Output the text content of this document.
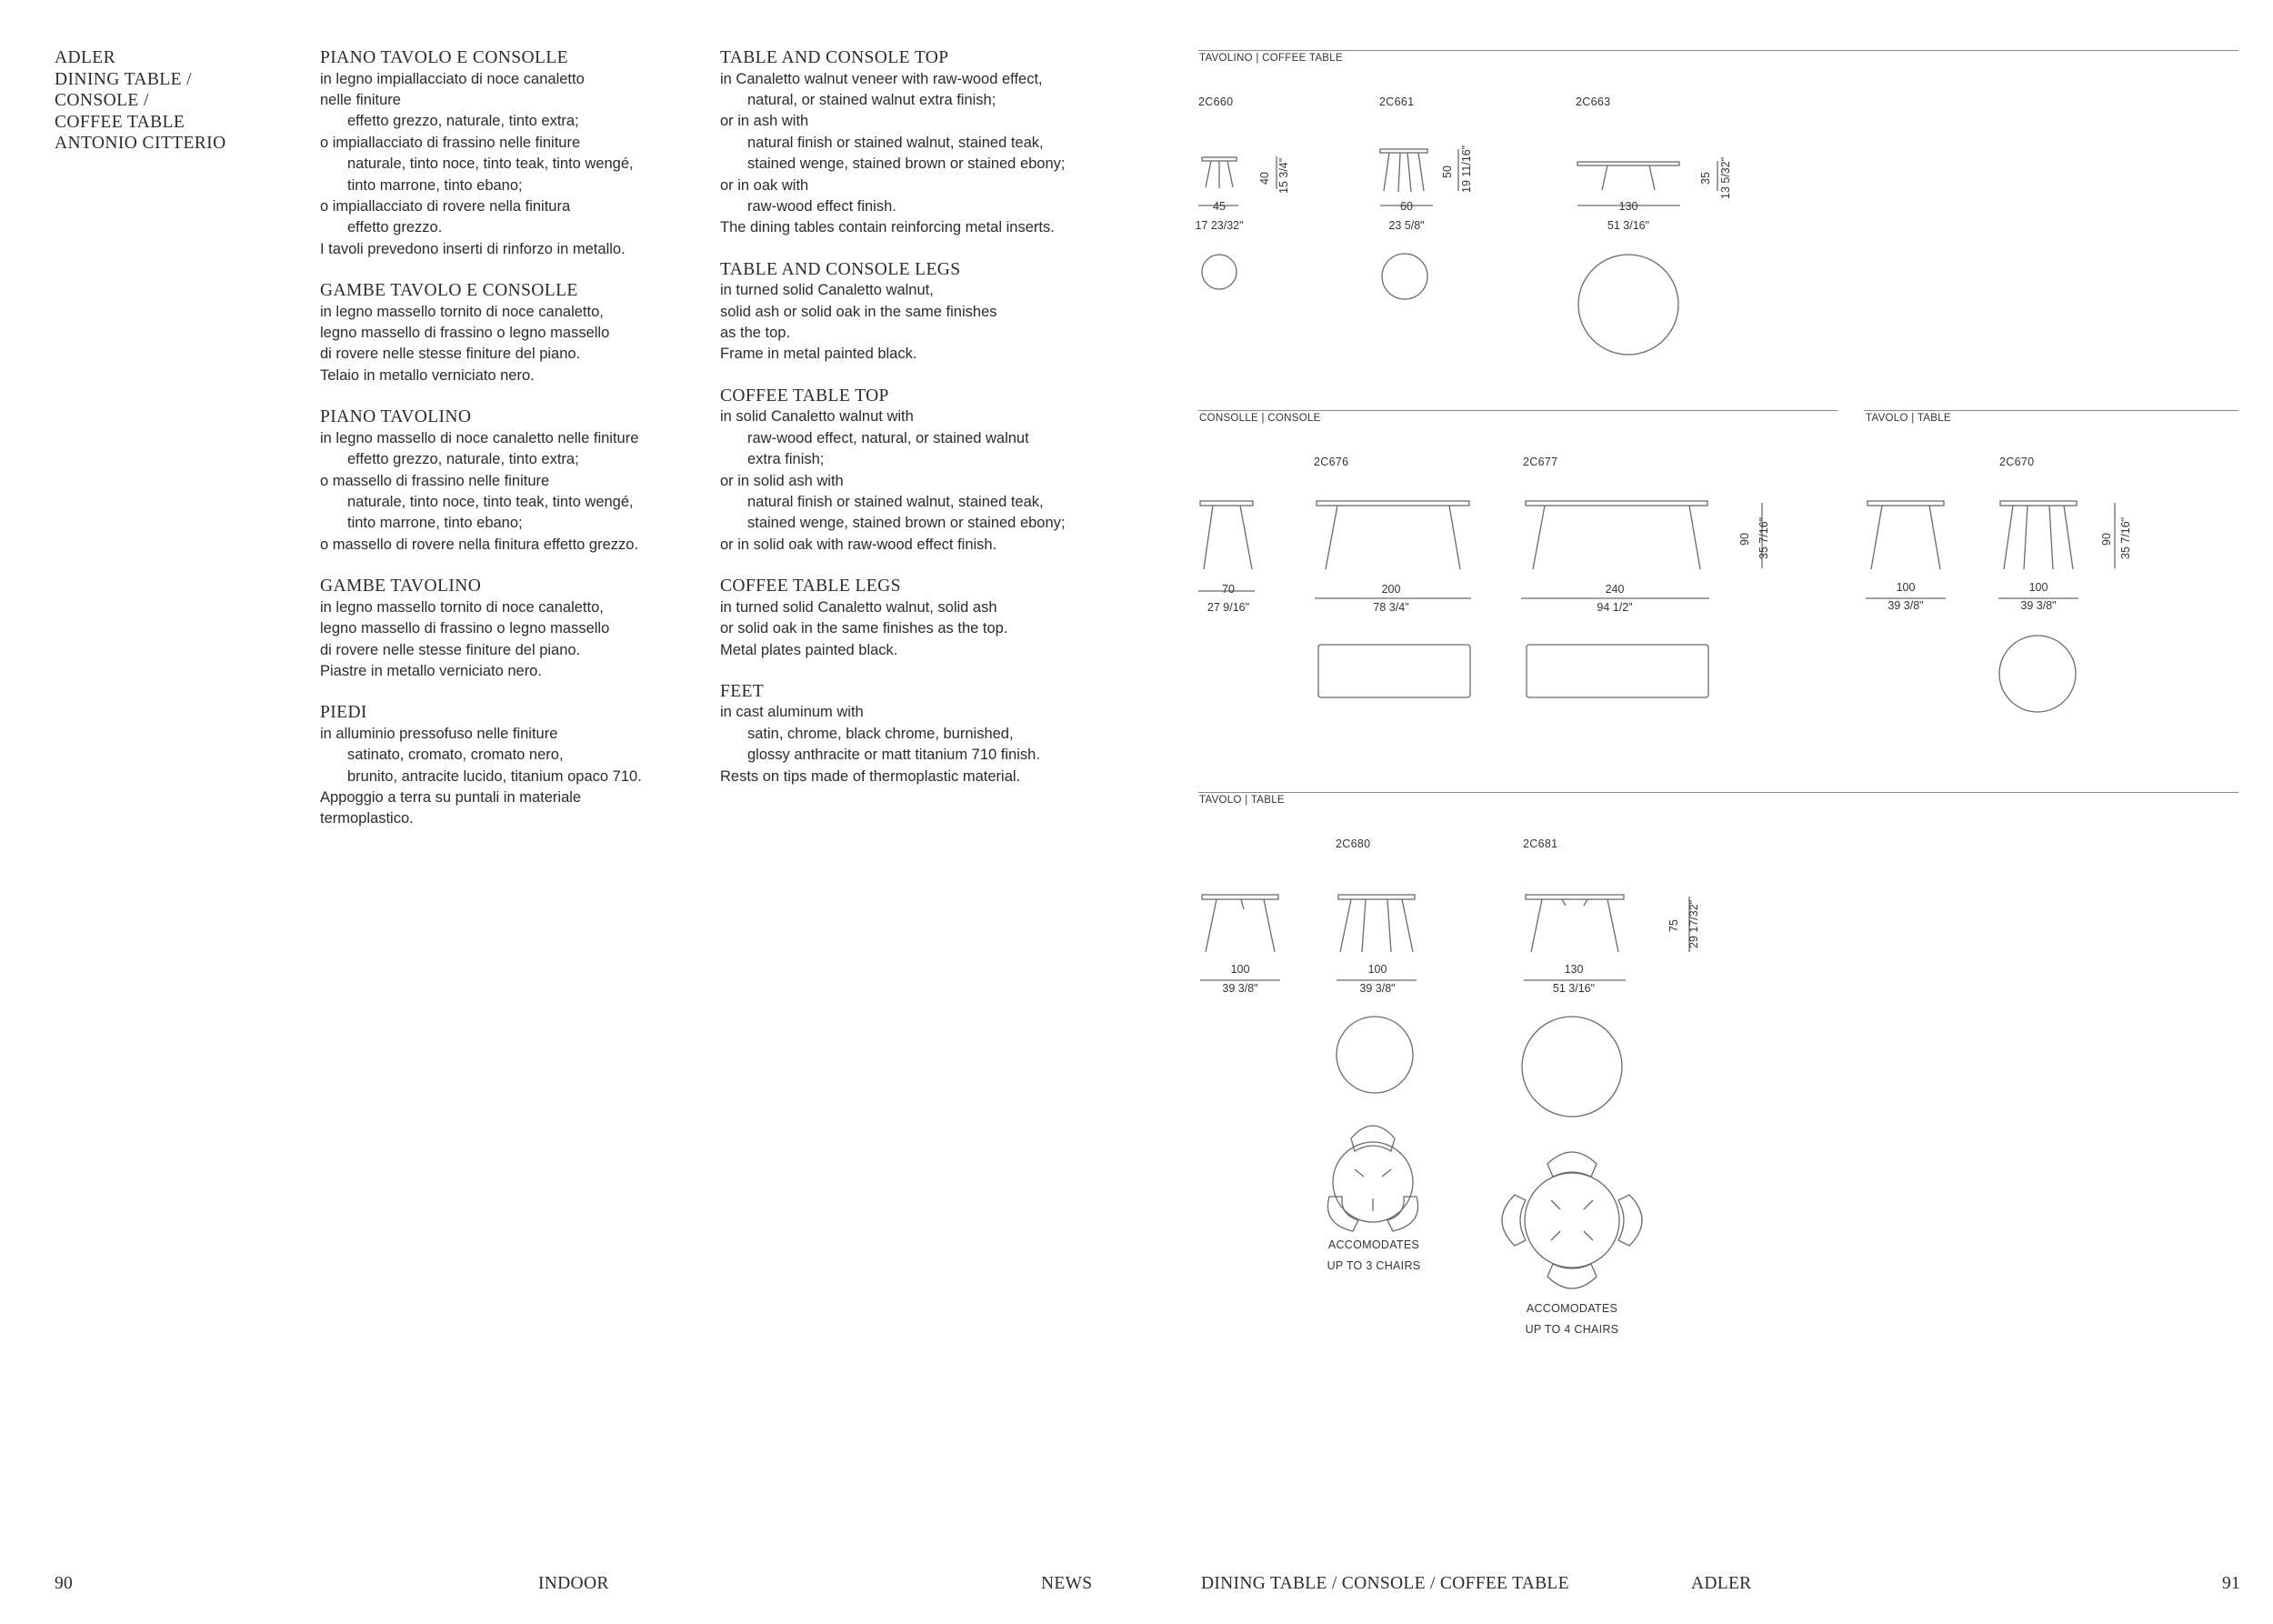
ADLER
DINING TABLE /
CONSOLE /
COFFEE TABLE
ANTONIO CITTERIO
PIANO TAVOLO E CONSOLLE
in legno impiallacciato di noce canaletto
nelle finiture
effetto grezzo, naturale, tinto extra;
o impiallacciato di frassino nelle finiture
naturale, tinto noce, tinto teak, tinto wengé,
tinto marrone, tinto ebano;
o impiallacciato di rovere nella finitura
effetto grezzo.
I tavoli prevedono inserti di rinforzo in metallo.
GAMBE TAVOLO E CONSOLLE
in legno massello tornito di noce canaletto,
legno massello di frassino o legno massello
di rovere nelle stesse finiture del piano.
Telaio in metallo verniciato nero.
PIANO TAVOLINO
in legno massello di noce canaletto nelle finiture
effetto grezzo, naturale, tinto extra;
o massello di frassino nelle finiture
naturale, tinto noce, tinto teak, tinto wengé,
tinto marrone, tinto ebano;
o massello di rovere nella finitura effetto grezzo.
GAMBE TAVOLINO
in legno massello tornito di noce canaletto,
legno massello di frassino o legno massello
di rovere nelle stesse finiture del piano.
Piastre in metallo verniciato nero.
PIEDI
in alluminio pressofuso nelle finiture
satinato, cromato, cromato nero,
brunito, antracite lucido, titanium opaco 710.
Appoggio a terra su puntali in materiale
termoplastico.
TABLE AND CONSOLE TOP
in Canaletto walnut veneer with raw-wood effect,
natural, or stained walnut extra finish;
or in ash with
natural finish or stained walnut, stained teak,
stained wenge, stained brown or stained ebony;
or in oak with
raw-wood effect finish.
The dining tables contain reinforcing metal inserts.
TABLE AND CONSOLE LEGS
in turned solid Canaletto walnut,
solid ash or solid oak in the same finishes
as the top.
Frame in metal painted black.
COFFEE TABLE TOP
in solid Canaletto walnut with
raw-wood effect, natural, or stained walnut
extra finish;
or in solid ash with
natural finish or stained walnut, stained teak,
stained wenge, stained brown or stained ebony;
or in solid oak with raw-wood effect finish.
COFFEE TABLE LEGS
in turned solid Canaletto walnut, solid ash
or solid oak in the same finishes as the top.
Metal plates painted black.
FEET
in cast aluminum with
satin, chrome, black chrome, burnished,
glossy anthracite or matt titanium 710 finish.
Rests on tips made of thermoplastic material.
TAVOLINO | COFFEE TABLE
2C660	2C661	2C663
45
17 23/32"
60
23 5/8"
130
51 3/16"
40 15 3/4"	50 19 11/16"	35 13 5/32"
CONSOLLE | CONSOLE
2C676	2C677
70
27 9/16"
200
78 3/4"
240
94 1/2"
90 35 7/16"
TAVOLO | TABLE
2C670
100
39 3/8"
100
39 3/8"
90 35 7/16"
TAVOLO | TABLE
2C680	2C681
100
39 3/8"
100
39 3/8"
130
51 3/16"
75 29 17/32"
ACCOMODATES
UP TO 3 CHAIRS
ACCOMODATES
UP TO 4 CHAIRS
90	INDOOR	NEWS	DINING TABLE / CONSOLE / COFFEE TABLE	ADLER	91
